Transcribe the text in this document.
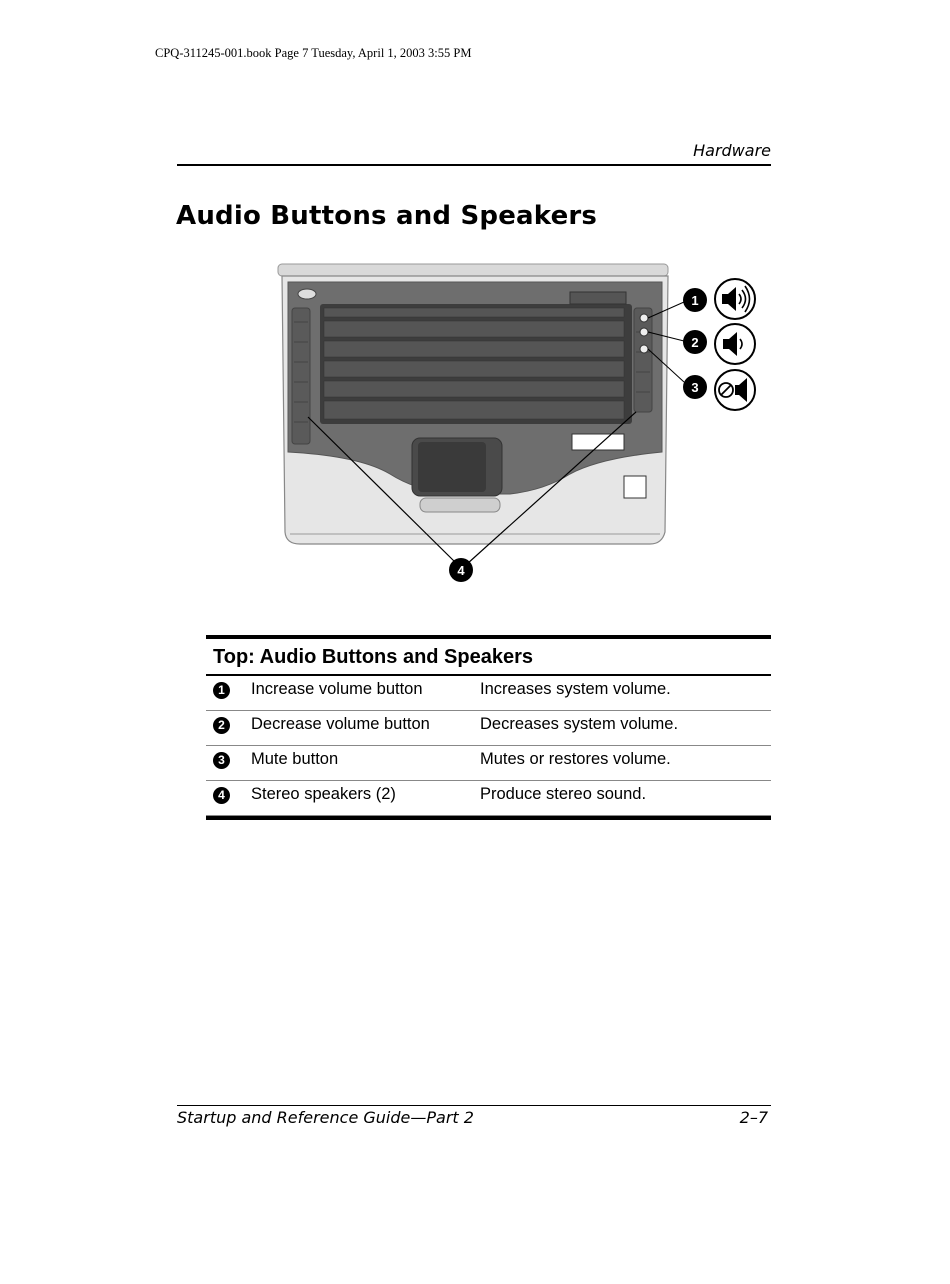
CPQ-311245-001.book Page 7 Tuesday, April 1, 2003 3:55 PM
Hardware
Audio Buttons and Speakers
1
2
3
4
Top: Audio Buttons and Speakers
1	Increase volume button	Increases system volume.
2	Decrease volume button	Decreases system volume.
3	Mute button	Mutes or restores volume.
4	Stereo speakers (2)	Produce stereo sound.
Startup and Reference Guide—Part 2	2–7
